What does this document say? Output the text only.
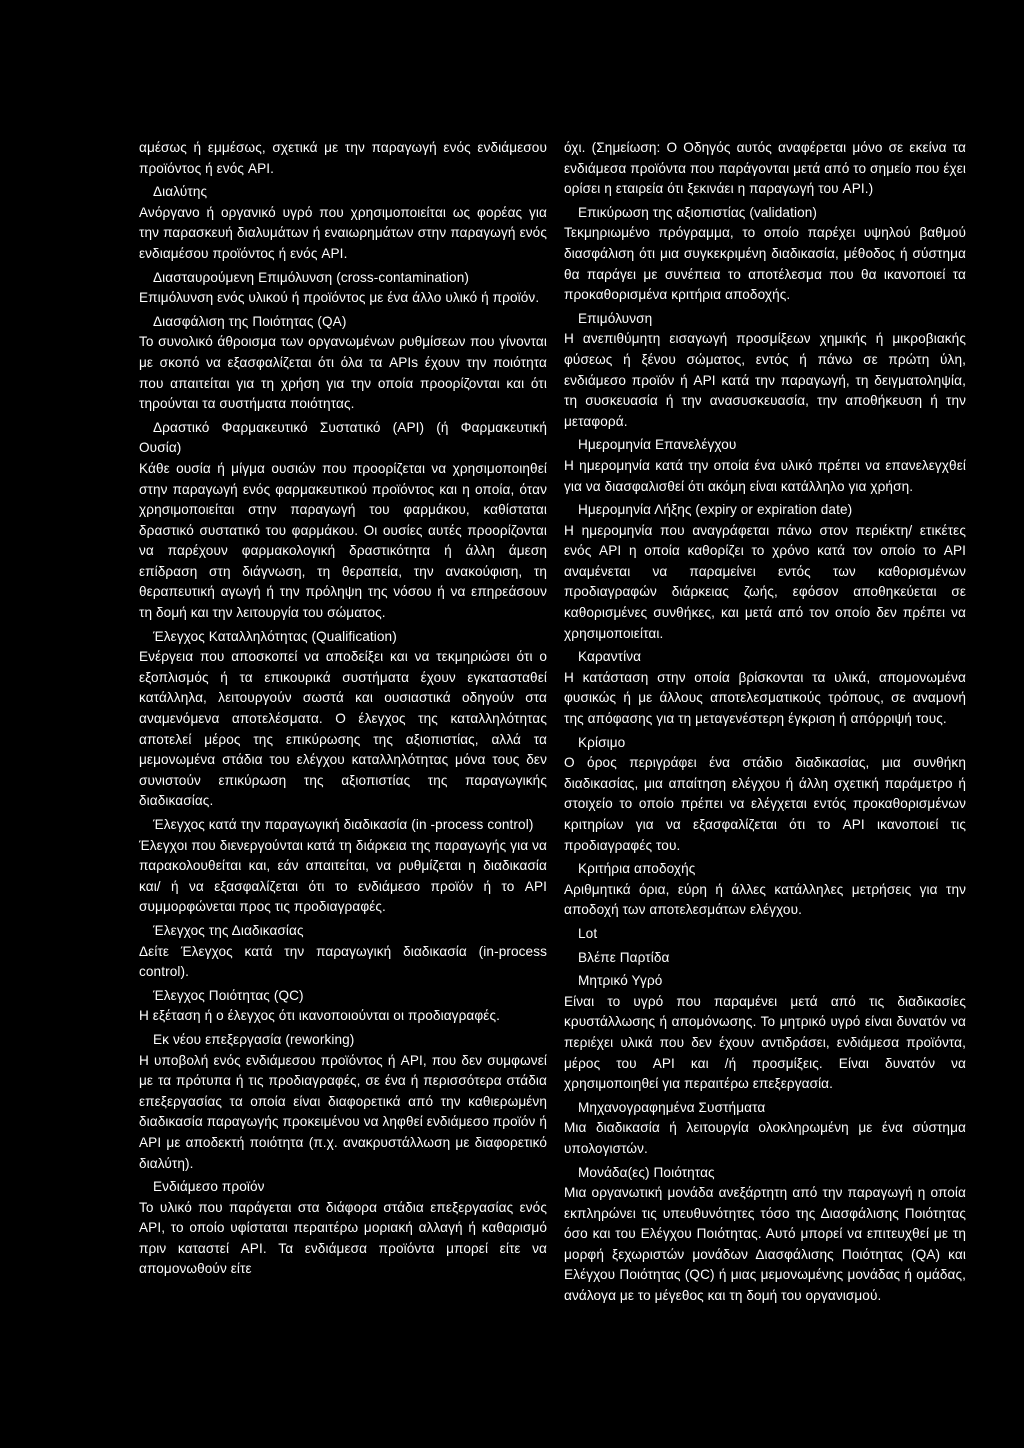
αμέσως ή εμμέσως, σχετικά με την παραγωγή ενός ενδιάμεσου προϊόντος ή ενός API.

Διαλύτης

Ανόργανο ή οργανικό υγρό που χρησιμοποιείται ως φορέας για την παρασκευή διαλυμάτων ή εναιωρημάτων στην παραγωγή ενός ενδιαμέσου προϊόντος ή ενός API.

Διασταυρούμενη Επιμόλυνση (cross-contamination)

Επιμόλυνση ενός υλικού ή προϊόντος με ένα άλλο υλικό ή προϊόν.

Διασφάλιση της Ποιότητας (QA)

Το συνολικό άθροισμα των οργανωμένων ρυθμίσεων που γίνονται με σκοπό να εξασφαλίζεται ότι όλα τα APIs έχουν την ποιότητα που απαιτείται για τη χρήση για την οποία προορίζονται και ότι τηρούνται τα συστήματα ποιότητας.

Δραστικό Φαρμακευτικό Συστατικό (API) (ή Φαρμακευτική Ουσία)

Κάθε ουσία ή μίγμα ουσιών που προορίζεται να χρησιμοποιηθεί στην παραγωγή ενός φαρμακευτικού προϊόντος και η οποία, όταν χρησιμοποιείται στην παραγωγή του φαρμάκου, καθίσταται δραστικό συστατικό του φαρμάκου. Οι ουσίες αυτές προορίζονται να παρέχουν φαρμακολογική δραστικότητα ή άλλη άμεση επίδραση στη διάγνωση, τη θεραπεία, την ανακούφιση, τη θεραπευτική αγωγή ή την πρόληψη της νόσου ή να επηρεάσουν τη δομή και την λειτουργία του σώματος.

Έλεγχος Καταλληλότητας (Qualification)

Ενέργεια που αποσκοπεί να αποδείξει και να τεκμηριώσει ότι ο εξοπλισμός ή τα επικουρικά συστήματα έχουν εγκατασταθεί κατάλληλα, λειτουργούν σωστά και ουσιαστικά οδηγούν στα αναμενόμενα αποτελέσματα. Ο έλεγχος της καταλληλότητας αποτελεί μέρος της επικύρωσης της αξιοπιστίας, αλλά τα μεμονωμένα στάδια του ελέγχου καταλληλότητας μόνα τους δεν συνιστούν επικύρωση της αξιοπιστίας της παραγωγικής διαδικασίας.

Έλεγχος κατά την παραγωγική διαδικασία (in -process control)

Έλεγχοι που διενεργούνται κατά τη διάρκεια της παραγωγής για να παρακολουθείται και, εάν απαιτείται, να ρυθμίζεται η διαδικασία και/ ή να εξασφαλίζεται ότι το ενδιάμεσο προϊόν ή το API συμμορφώνεται προς τις προδιαγραφές.

Έλεγχος της Διαδικασίας

Δείτε Έλεγχος κατά την παραγωγική διαδικασία (in-process control).

Έλεγχος Ποιότητας (QC)

Η εξέταση ή ο έλεγχος ότι ικανοποιούνται οι προδιαγραφές.

Εκ νέου επεξεργασία (reworking)

Η υποβολή ενός ενδιάμεσου προϊόντος ή API, που δεν συμφωνεί με τα πρότυπα ή τις προδιαγραφές, σε ένα ή περισσότερα στάδια επεξεργασίας τα οποία είναι διαφορετικά από την καθιερωμένη διαδικασία παραγωγής προκειμένου να ληφθεί ενδιάμεσο προϊόν ή API με αποδεκτή ποιότητα (π.χ. ανακρυστάλλωση με διαφορετικό διαλύτη).

Ενδιάμεσο προϊόν

Το υλικό που παράγεται στα διάφορα στάδια επεξεργασίας ενός API, το οποίο υφίσταται περαιτέρω μοριακή αλλαγή ή καθαρισμό πριν καταστεί API. Τα ενδιάμεσα προϊόντα μπορεί είτε να απομονωθούν είτε

όχι. (Σημείωση: Ο Οδηγός αυτός αναφέρεται μόνο σε εκείνα τα ενδιάμεσα προϊόντα που παράγονται μετά από το σημείο που έχει ορίσει η εταιρεία ότι ξεκινάει η παραγωγή του API.)

Επικύρωση της αξιοπιστίας (validation)

Τεκμηριωμένο πρόγραμμα, το οποίο παρέχει υψηλού βαθμού διασφάλιση ότι μια συγκεκριμένη διαδικασία, μέθοδος ή σύστημα θα παράγει με συνέπεια το αποτέλεσμα που θα ικανοποιεί τα προκαθορισμένα κριτήρια αποδοχής.

Επιμόλυνση

Η ανεπιθύμητη εισαγωγή προσμίξεων χημικής ή μικροβιακής φύσεως ή ξένου σώματος, εντός ή πάνω σε πρώτη ύλη, ενδιάμεσο προϊόν ή API κατά την παραγωγή, τη δειγματοληψία, τη συσκευασία ή την ανασυσκευασία, την αποθήκευση ή την μεταφορά.

Ημερομηνία Επανελέγχου

Η ημερομηνία κατά την οποία ένα υλικό πρέπει να επανελεγχθεί για να διασφαλισθεί ότι ακόμη είναι κατάλληλο για χρήση.

Ημερομηνία Λήξης (expiry or expiration date)

Η ημερομηνία που αναγράφεται πάνω στον περιέκτη/ ετικέτες ενός API η οποία καθορίζει το χρόνο κατά τον οποίο το API αναμένεται να παραμείνει εντός των καθορισμένων προδιαγραφών διάρκειας ζωής, εφόσον αποθηκεύεται σε καθορισμένες συνθήκες, και μετά από τον οποίο δεν πρέπει να χρησιμοποιείται.

Καραντίνα

Η κατάσταση στην οποία βρίσκονται τα υλικά, απομονωμένα φυσικώς ή με άλλους αποτελεσματικούς τρόπους, σε αναμονή της απόφασης για τη μεταγενέστερη έγκριση ή απόρριψή τους.

Κρίσιμο

Ο όρος περιγράφει ένα στάδιο διαδικασίας, μια συνθήκη διαδικασίας, μια απαίτηση ελέγχου ή άλλη σχετική παράμετρο ή στοιχείο το οποίο πρέπει να ελέγχεται εντός προκαθορισμένων κριτηρίων για να εξασφαλίζεται ότι το API ικανοποιεί τις προδιαγραφές του.

Κριτήρια αποδοχής

Αριθμητικά όρια, εύρη ή άλλες κατάλληλες μετρήσεις για την αποδοχή των αποτελεσμάτων ελέγχου.

Lot

Βλέπε Παρτίδα

Μητρικό Υγρό

Είναι το υγρό που παραμένει μετά από τις διαδικασίες κρυστάλλωσης ή απομόνωσης. Το μητρικό υγρό είναι δυνατόν να περιέχει υλικά που δεν έχουν αντιδράσει, ενδιάμεσα προϊόντα, μέρος του API και /ή προσμίξεις. Είναι δυνατόν να χρησιμοποιηθεί για περαιτέρω επεξεργασία.

Μηχανογραφημένα Συστήματα

Μια διαδικασία ή λειτουργία ολοκληρωμένη με ένα σύστημα υπολογιστών.

Μονάδα(ες) Ποιότητας

Μια οργανωτική μονάδα ανεξάρτητη από την παραγωγή η οποία εκπληρώνει τις υπευθυνότητες τόσο της Διασφάλισης Ποιότητας όσο και του Ελέγχου Ποιότητας. Αυτό μπορεί να επιτευχθεί με τη μορφή ξεχωριστών μονάδων Διασφάλισης Ποιότητας (QA) και Ελέγχου Ποιότητας (QC) ή μιας μεμονωμένης μονάδας ή ομάδας, ανάλογα με το μέγεθος και τη δομή του οργανισμού.
